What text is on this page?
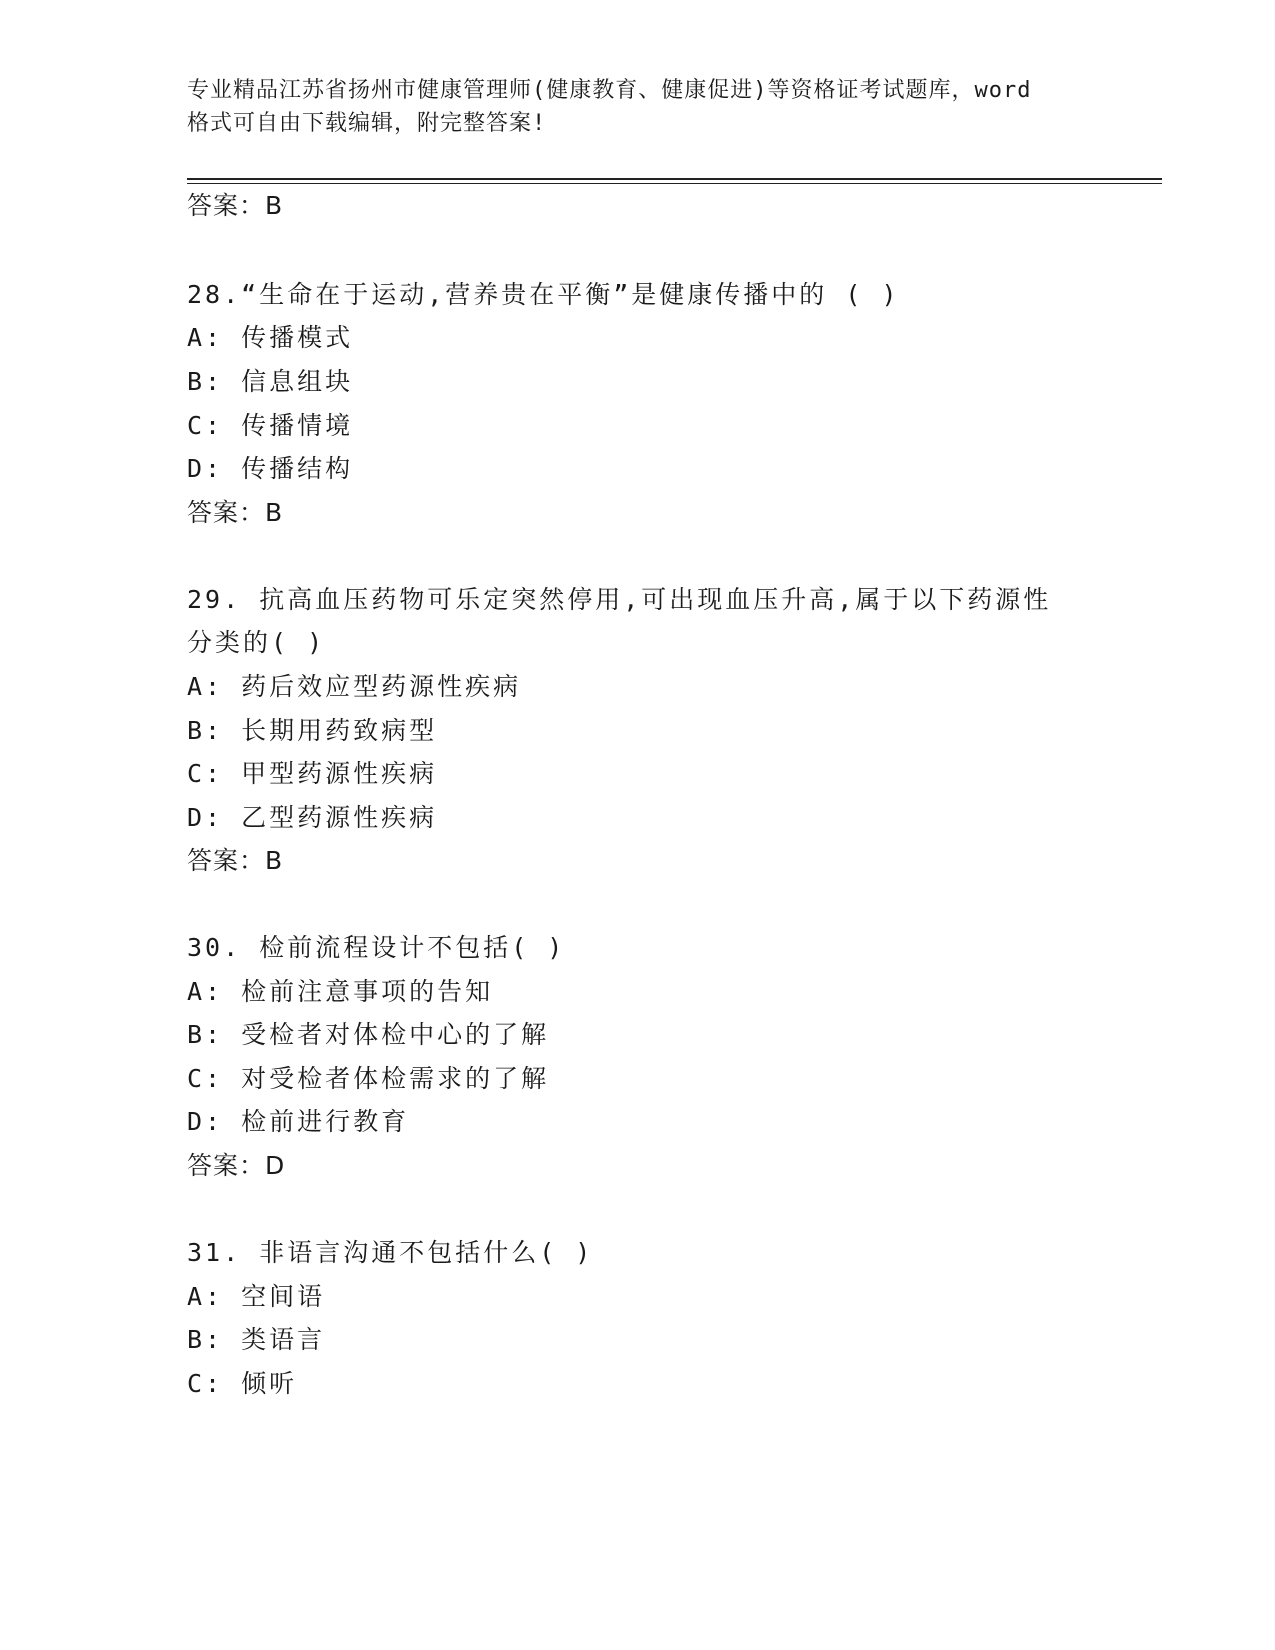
专业精品江苏省扬州市健康管理师(健康教育、健康促进)等资格证考试题库，word
格式可自由下载编辑，附完整答案!
答案：B
28.“生命在于运动,营养贵在平衡”是健康传播中的 ( )
A: 传播模式
B: 信息组块
C: 传播情境
D: 传播结构
答案：B
29. 抗高血压药物可乐定突然停用,可出现血压升高,属于以下药源性
分类的( )
A: 药后效应型药源性疾病
B: 长期用药致病型
C: 甲型药源性疾病
D: 乙型药源性疾病
答案：B
30. 检前流程设计不包括( )
A: 检前注意事项的告知
B: 受检者对体检中心的了解
C: 对受检者体检需求的了解
D: 检前进行教育
答案：D
31. 非语言沟通不包括什么( )
A: 空间语
B: 类语言
C: 倾听
